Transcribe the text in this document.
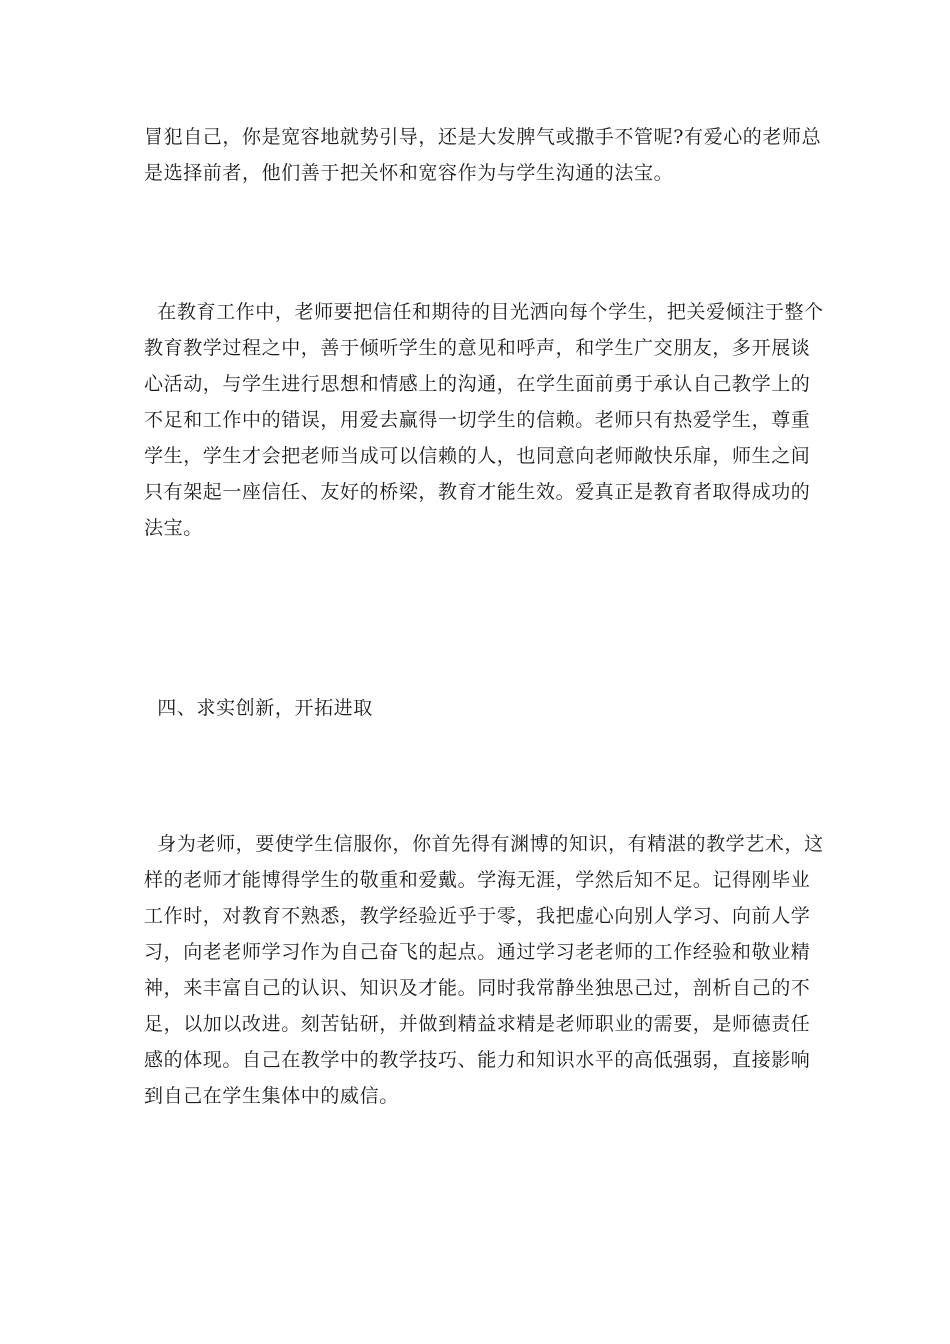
冒犯自己，你是宽容地就势引导，还是大发脾气或撒手不管呢?有爱心的老师总
是选择前者，他们善于把关怀和宽容作为与学生沟通的法宝。
在教育工作中，老师要把信任和期待的目光洒向每个学生，把关爱倾注于整个
教育教学过程之中，善于倾听学生的意见和呼声，和学生广交朋友，多开展谈
心活动，与学生进行思想和情感上的沟通，在学生面前勇于承认自己教学上的
不足和工作中的错误，用爱去赢得一切学生的信赖。老师只有热爱学生，尊重
学生，学生才会把老师当成可以信赖的人，也同意向老师敞快乐扉，师生之间
只有架起一座信任、友好的桥梁，教育才能生效。爱真正是教育者取得成功的
法宝。
四、求实创新，开拓进取
身为老师，要使学生信服你，你首先得有渊博的知识，有精湛的教学艺术，这
样的老师才能博得学生的敬重和爱戴。学海无涯，学然后知不足。记得刚毕业
工作时，对教育不熟悉，教学经验近乎于零，我把虚心向别人学习、向前人学
习，向老老师学习作为自己奋飞的起点。通过学习老老师的工作经验和敬业精
神，来丰富自己的认识、知识及才能。同时我常静坐独思己过，剖析自己的不
足，以加以改进。刻苦钻研，并做到精益求精是老师职业的需要，是师德责任
感的体现。自己在教学中的教学技巧、能力和知识水平的高低强弱，直接影响
到自己在学生集体中的威信。
